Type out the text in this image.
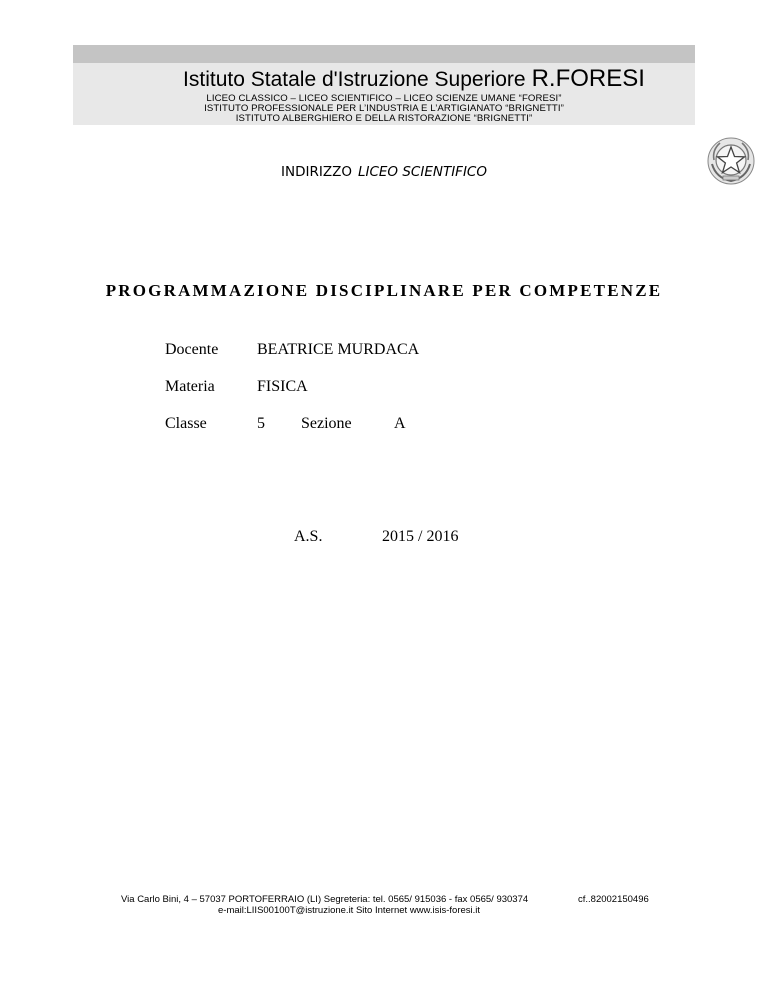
Istituto Statale d'Istruzione Superiore R.FORESI
LICEO CLASSICO – LICEO SCIENTIFICO – LICEO SCIENZE UMANE “FORESI”
ISTITUTO PROFESSIONALE PER L’INDUSTRIA E L’ARTIGIANATO “BRIGNETTI”
ISTITUTO ALBERGHIERO E DELLA RISTORAZIONE “BRIGNETTI”
INDIRIZZO LICEO SCIENTIFICO
PROGRAMMAZIONE DISCIPLINARE PER COMPETENZE
Docente BEATRICE MURDACA
Materia	FISICA
Classe	5 Sezione	A
A.S.	2015 / 2016
Via Carlo Bini, 4 – 57037 PORTOFERRAIO (LI) Segreteria: tel. 0565/ 915036 - fax 0565/ 930374	cf..82002150496
e-mail:LIIS00100T@istruzione.it Sito Internet www.isis-foresi.it
